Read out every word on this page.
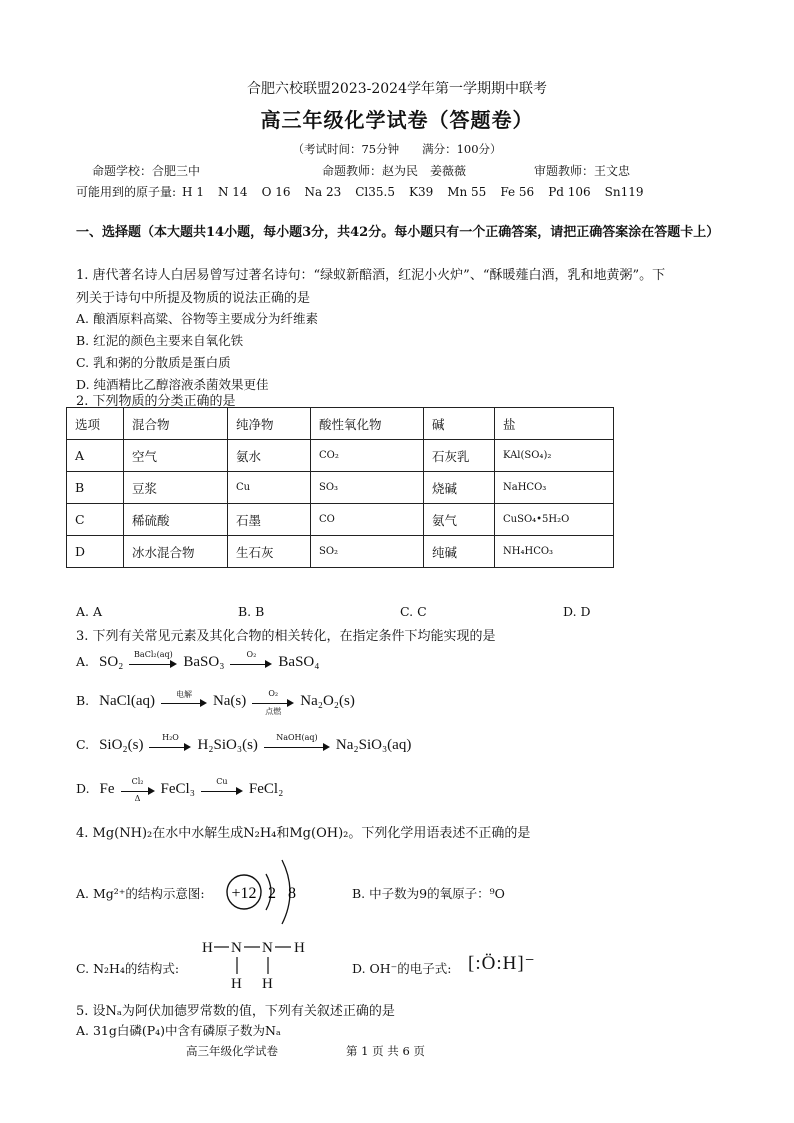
合肥六校联盟2023-2024学年第一学期期中联考
高三年级化学试卷（答题卷）
（考试时间：75分钟　　满分：100分）
命题学校：合肥三中	命题教师：赵为民　姜薇薇	审题教师：王文忠
可能用到的原子量: H 1 N 14 O 16 Na 23 Cl35.5 K39 Mn 55 Fe 56 Pd 106 Sn119
一、选择题（本大题共14小题，每小题3分，共42分。每小题只有一个正确答案，请把正确答案涂在答题卡上）
1. 唐代著名诗人白居易曾写过著名诗句：“绿蚁新醅酒，红泥小火炉”、“酥暖薤白酒，乳和地黄粥”。下
列关于诗句中所提及物质的说法正确的是
A. 酿酒原料高粱、谷物等主要成分为纤维素
B. 红泥的颜色主要来自氧化铁
C. 乳和粥的分散质是蛋白质
D. 纯酒精比乙醇溶液杀菌效果更佳
2. 下列物质的分类正确的是
选项	混合物	纯净物	酸性氧化物	碱	盐
A	空气	氨水	CO₂	石灰乳	KAl(SO₄)₂
B	豆浆	Cu	SO₃	烧碱	NaHCO₃
C	稀硫酸	石墨	CO	氨气	CuSO₄•5H₂O
D	冰水混合物	生石灰	SO₂	纯碱	NH₄HCO₃
A. A	B. B	C. C	D. D
3. 下列有关常见元素及其化合物的相关转化，在指定条件下均能实现的是
A. SO₂	BaCl₂(aq) BaSO₃	O₂	BaSO₄
B. NaCl(aq)	电解	Na(s)	O₂
点燃
Na₂O₂(s)
C. SiO₂(s)	H₂O	H₂SiO₃(s)	NaOH(aq)	Na₂SiO₃(aq)
D. Fe $\frac{\text{Cl₂}}{\Delta}$ FeCl₃	Cu	FeCl₂
4. Mg(NH)₂在水中水解生成N₂H₄和Mg(OH)₂。下列化学用语表述不正确的是
A. Mg²⁺的结构示意图: +12 2 8	B. 中子数为9的氧原子：⁹O
C. N₂H₄的结构式:
H N N H
H H
D. OH⁻的电子式: [:Ö:H]⁻
5. 设Nₐ为阿伏加德罗常数的值，下列有关叙述正确的是
A. 31g白磷(P₄)中含有磷原子数为Nₐ
高三年级化学试卷	第 1 页 共 6 页
